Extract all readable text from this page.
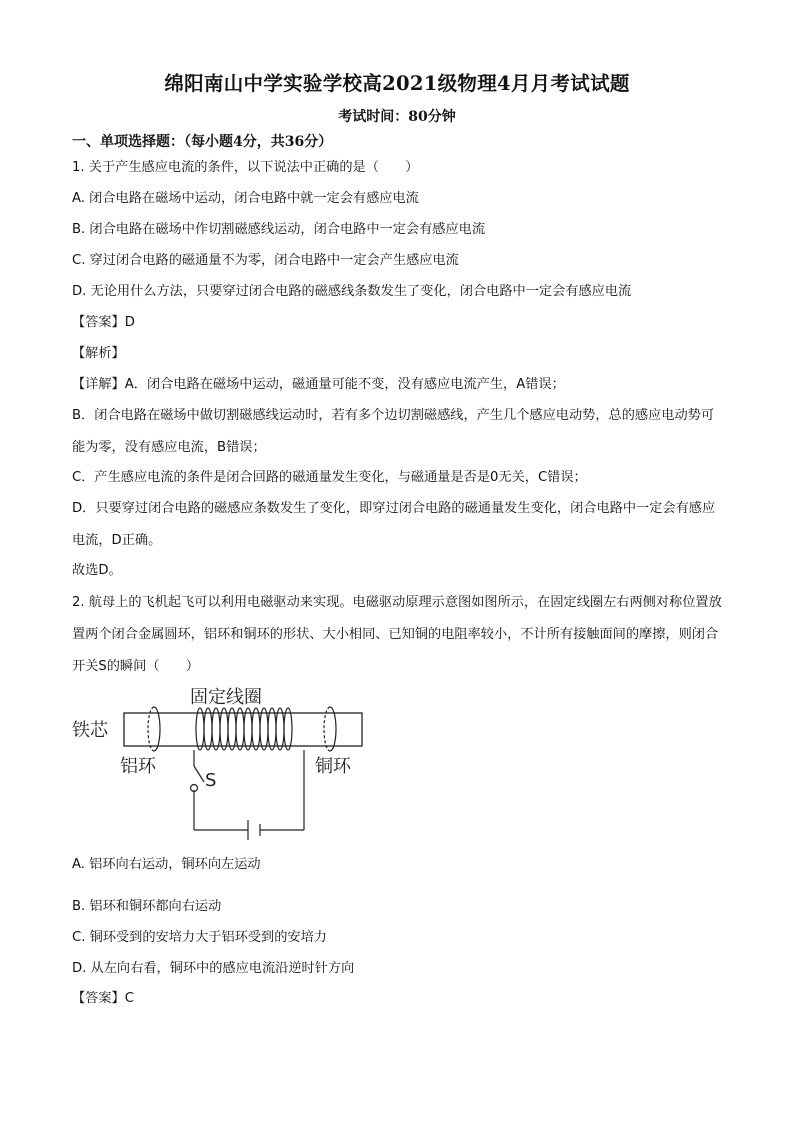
绵阳南山中学实验学校高2021级物理4月月考试试题
考试时间：80分钟
一、单项选择题：（每小题4分，共36分）
1. 关于产生感应电流的条件，以下说法中正确的是（　　）
A. 闭合电路在磁场中运动，闭合电路中就一定会有感应电流
B. 闭合电路在磁场中作切割磁感线运动，闭合电路中一定会有感应电流
C. 穿过闭合电路的磁通量不为零，闭合电路中一定会产生感应电流
D. 无论用什么方法，只要穿过闭合电路的磁感线条数发生了变化，闭合电路中一定会有感应电流
【答案】D
【解析】
【详解】A．闭合电路在磁场中运动，磁通量可能不变，没有感应电流产生，A错误；
B．闭合电路在磁场中做切割磁感线运动时，若有多个边切割磁感线，产生几个感应电动势，总的感应电动势可能为零，没有感应电流，B错误；
C．产生感应电流的条件是闭合回路的磁通量发生变化，与磁通量是否是0无关，C错误；
D．只要穿过闭合电路的磁感应条数发生了变化，即穿过闭合电路的磁通量发生变化，闭合电路中一定会有感应电流，D正确。
故选D。
2. 航母上的飞机起飞可以利用电磁驱动来实现。电磁驱动原理示意图如图所示，在固定线圈左右两侧对称位置放置两个闭合金属圆环，铝环和铜环的形状、大小相同、已知铜的电阻率较小，不计所有接触面间的摩擦，则闭合开关S的瞬间（　　）
固定线圈
铁芯
铝环	铜环
S
A. 铝环向右运动，铜环向左运动
B. 铝环和铜环都向右运动
C. 铜环受到的安培力大于铝环受到的安培力
D. 从左向右看，铜环中的感应电流沿逆时针方向
【答案】C
